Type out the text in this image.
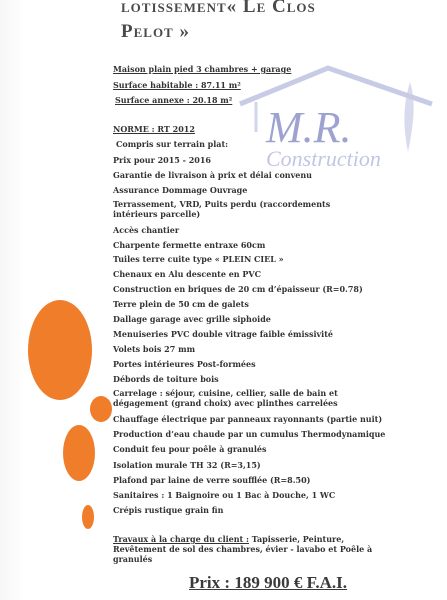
lotissement« Le Clos
Pelot »
M.R.
Construction
Maison plain pied 3 chambres + garage
Surface habitable : 87.11 m²
Surface annexe : 20.18 m²
NORME : RT 2012
Compris sur terrain plat:
Prix pour 2015 - 2016
Garantie de livraison à prix et délai convenu
Assurance Dommage Ouvrage
Terrassement, VRD, Puits perdu (raccordements intérieurs parcelle)
Accès chantier
Charpente fermette entraxe 60cm
Tuiles terre cuite type « PLEIN CIEL »
Chenaux en Alu descente en PVC
Construction en briques de 20 cm d’épaisseur (R=0.78)
Terre plein de 50 cm de galets
Dallage garage avec grille siphoide
Menuiseries PVC double vitrage faible émissivité
Volets bois 27 mm
Portes intérieures Post-formées
Débords de toiture bois
Carrelage : séjour, cuisine, cellier, salle de bain et dégagement (grand choix) avec plinthes carrelées
Chauffage électrique par panneaux rayonnants (partie nuit)
Production d’eau chaude par un cumulus Thermodynamique
Conduit feu pour poêle à granulés
Isolation murale TH 32 (R=3,15)
Plafond par laine de verre soufflée (R=8.50)
Sanitaires : 1 Baignoire ou 1 Bac à Douche, 1 WC
Crépis rustique grain fin
Travaux à la charge du client : Tapisserie, Peinture, Revêtement de sol des chambres, évier - lavabo et Poêle à granulés
Prix : 189 900 € F.A.I.
